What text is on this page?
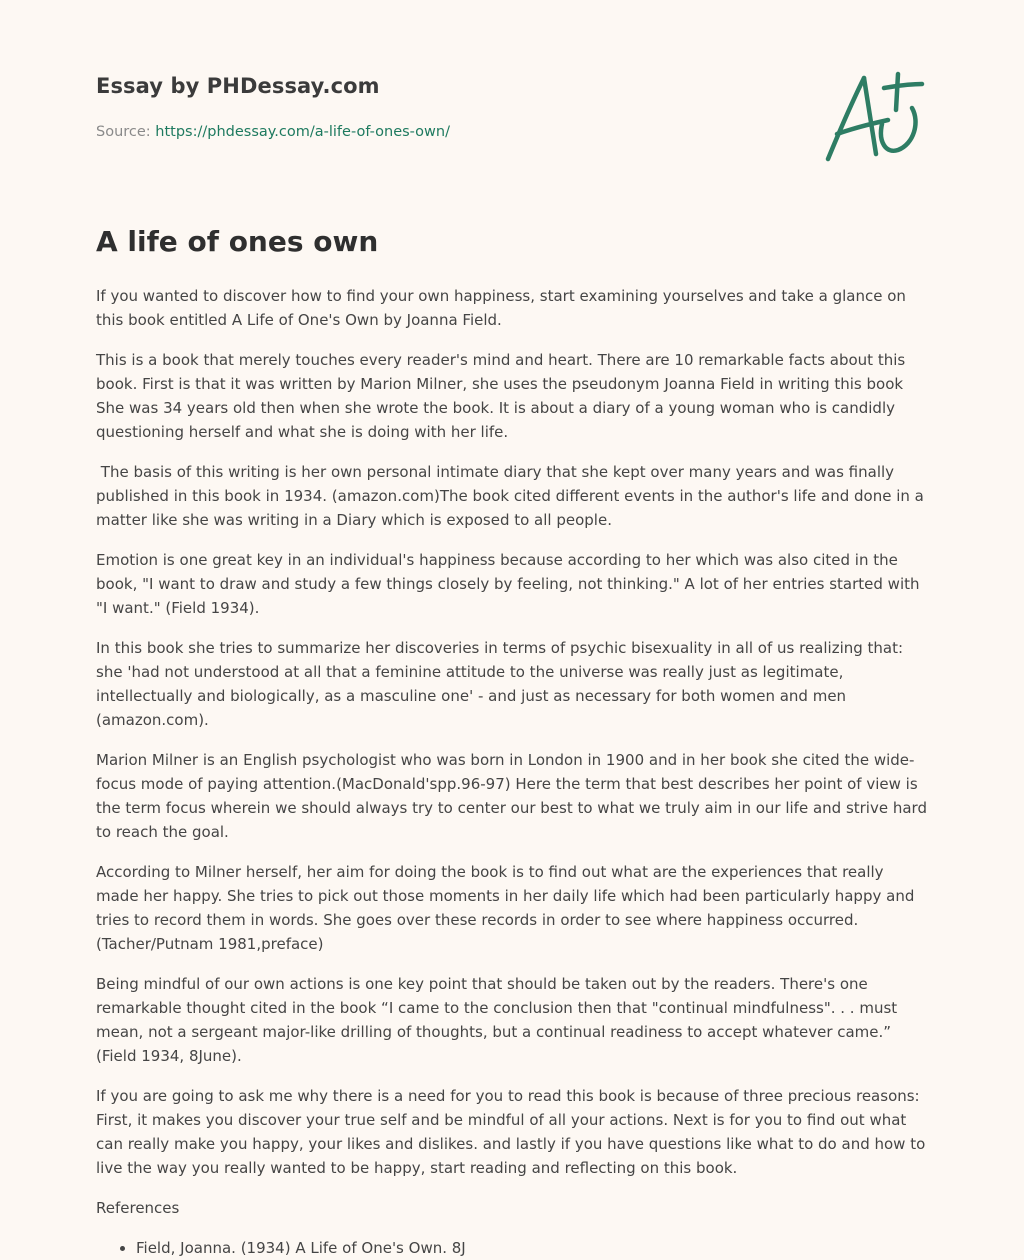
Essay by PHDessay.com
Source: https://phdessay.com/a-life-of-ones-own/
A life of ones own

If you wanted to discover how to find your own happiness, start examining yourselves and take a glance on this book entitled A Life of One's Own by Joanna Field.

This is a book that merely touches every reader's mind and heart. There are 10 remarkable facts about this book. First is that it was written by Marion Milner, she uses the pseudonym Joanna Field in writing this book She was 34 years old then when she wrote the book. It is about a diary of a young woman who is candidly questioning herself and what she is doing with her life.

The basis of this writing is her own personal intimate diary that she kept over many years and was finally published in this book in 1934. (amazon.com)The book cited different events in the author's life and done in a matter like she was writing in a Diary which is exposed to all people.

Emotion is one great key in an individual's happiness because according to her which was also cited in the book, "I want to draw and study a few things closely by feeling, not thinking." A lot of her entries started with "I want." (Field 1934).

In this book she tries to summarize her discoveries in terms of psychic bisexuality in all of us realizing that: she 'had not understood at all that a feminine attitude to the universe was really just as legitimate, intellectually and biologically, as a masculine one' - and just as necessary for both women and men (amazon.com).

Marion Milner is an English psychologist who was born in London in 1900 and in her book she cited the wide-focus mode of paying attention.(MacDonald'spp.96-97) Here the term that best describes her point of view is the term focus wherein we should always try to center our best to what we truly aim in our life and strive hard to reach the goal.

According to Milner herself, her aim for doing the book is to find out what are the experiences that really made her happy. She tries to pick out those moments in her daily life which had been particularly happy and tries to record them in words. She goes over these records in order to see where happiness occurred. (Tacher/Putnam 1981,preface)

Being mindful of our own actions is one key point that should be taken out by the readers. There's one remarkable thought cited in the book “I came to the conclusion then that "continual mindfulness". . . must mean, not a sergeant major-like drilling of thoughts, but a continual readiness to accept whatever came.” (Field 1934, 8June).

If you are going to ask me why there is a need for you to read this book is because of three precious reasons: First, it makes you discover your true self and be mindful of all your actions. Next is for you to find out what can really make you happy, your likes and dislikes. and lastly if you have questions like what to do and how to live the way you really wanted to be happy, start reading and reflecting on this book.

References

• Field, Joanna. (1934) A Life of One's Own. 8J
